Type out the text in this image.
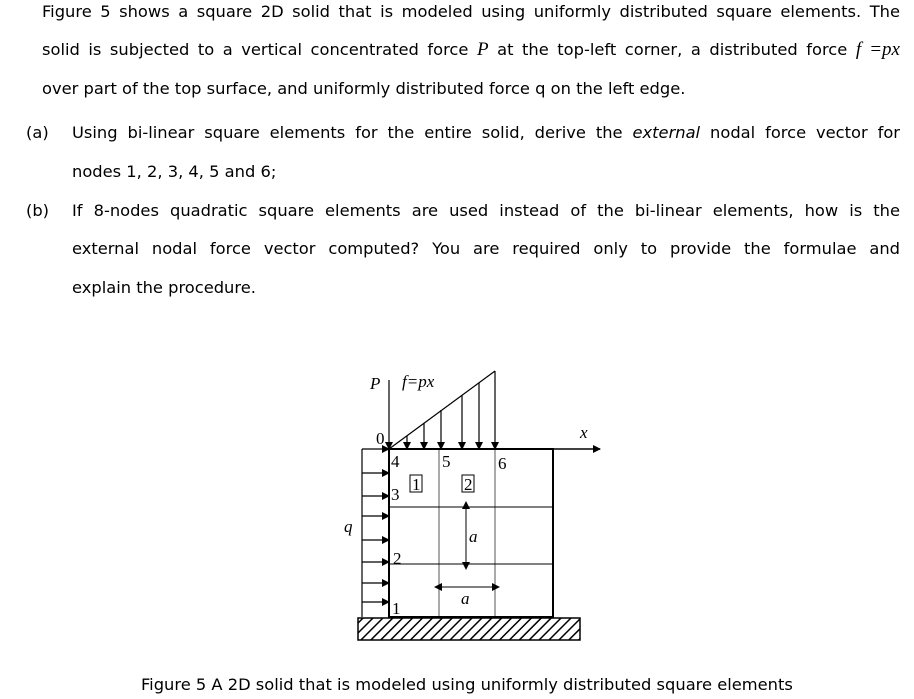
Figure 5 shows a square 2D solid that is modeled using uniformly distributed square elements. The
solid is subjected to a vertical concentrated force P at the top-left corner, a distributed force f =px
over part of the top surface, and uniformly distributed force q on the left edge.
(a) Using bi-linear square elements for the entire solid, derive the external nodal force vector for
nodes 1, 2, 3, 4, 5 and 6;
(b) If 8-nodes quadratic square elements are used instead of the bi-linear elements, how is the
external nodal force vector computed? You are required only to provide the formulae and
explain the procedure.
P f=px
0	x
q
a
a
1
2
3
4	5	6
1	2
Figure 5 A 2D solid that is modeled using uniformly distributed square elements
